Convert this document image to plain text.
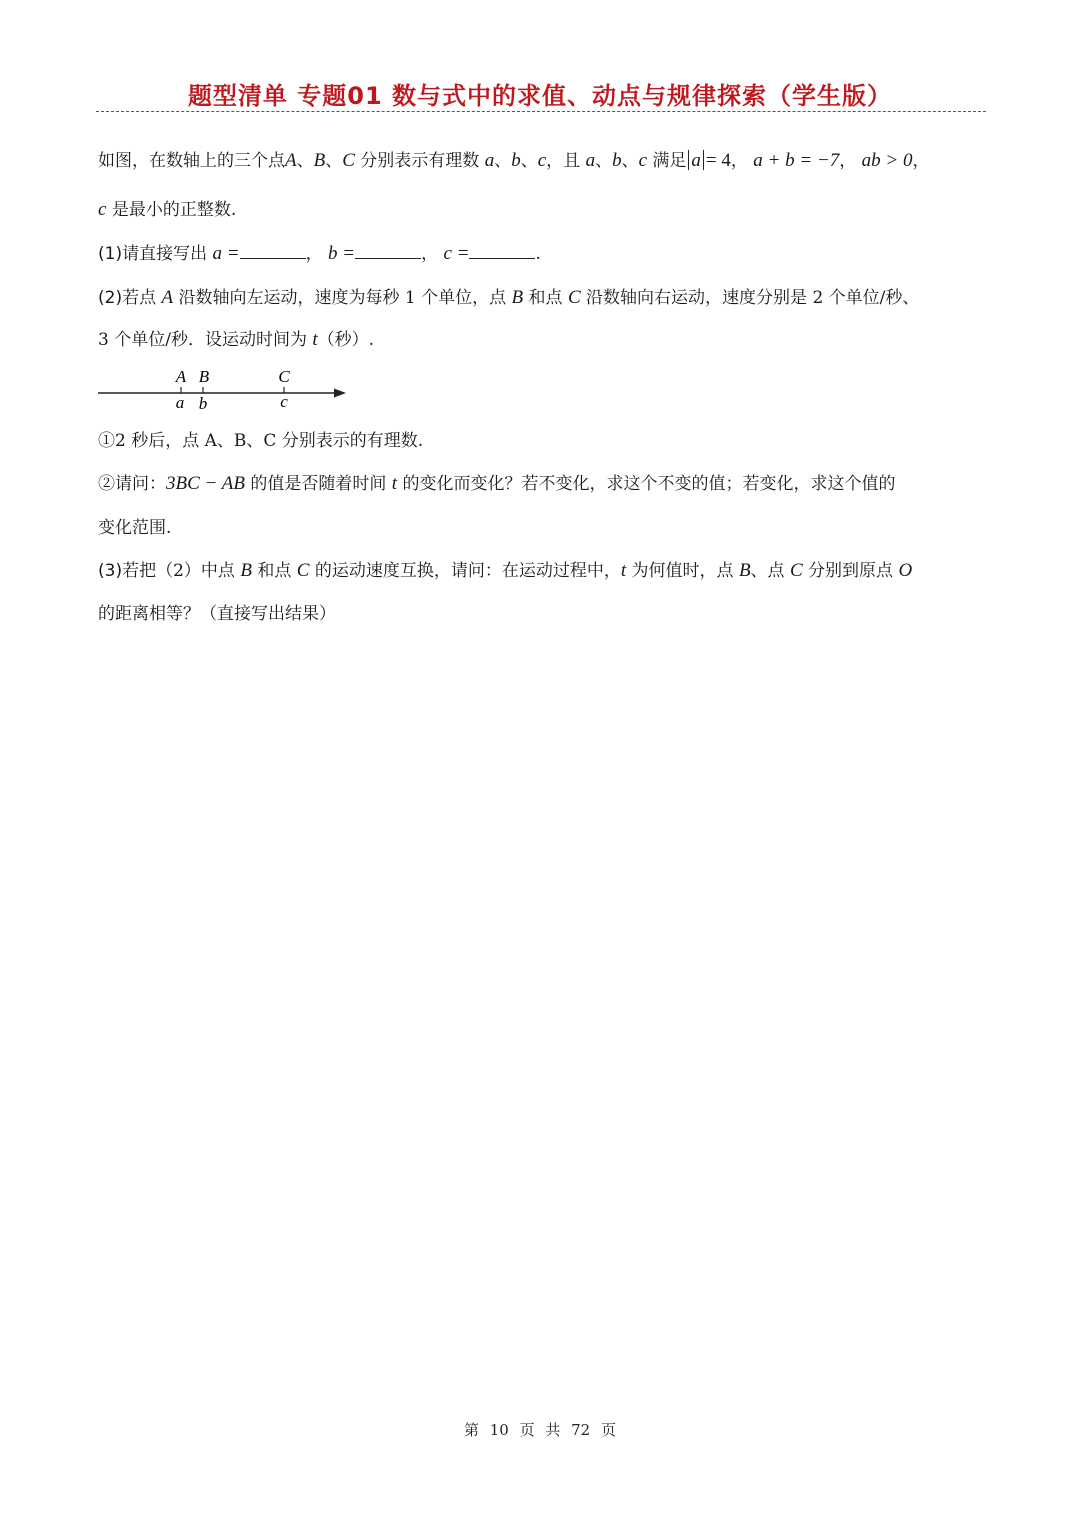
题型清单 专题01 数与式中的求值、动点与规律探索（学生版）
如图，在数轴上的三个点A、B、C 分别表示有理数 a、b、c，且 a、b、c 满足 a = 4， a + b = −7， ab > 0，
c 是最小的正整数.
(1)请直接写出 a =	， b =	， c =	.
(2)若点 A 沿数轴向左运动，速度为每秒 1 个单位，点 B 和点 C 沿数轴向右运动，速度分别是 2 个单位/秒、
3 个单位/秒．设运动时间为 t（秒）.
A B	C
a b	c
①2 秒后，点 A、B、C 分别表示的有理数.
②请问：3BC − AB 的值是否随着时间 t 的变化而变化？若不变化，求这个不变的值；若变化，求这个值的
变化范围.
(3)若把（2）中点 B 和点 C 的运动速度互换，请问：在运动过程中，t 为何值时，点 B、点 C 分别到原点 O
的距离相等？（直接写出结果）
第 10 页 共 72 页
